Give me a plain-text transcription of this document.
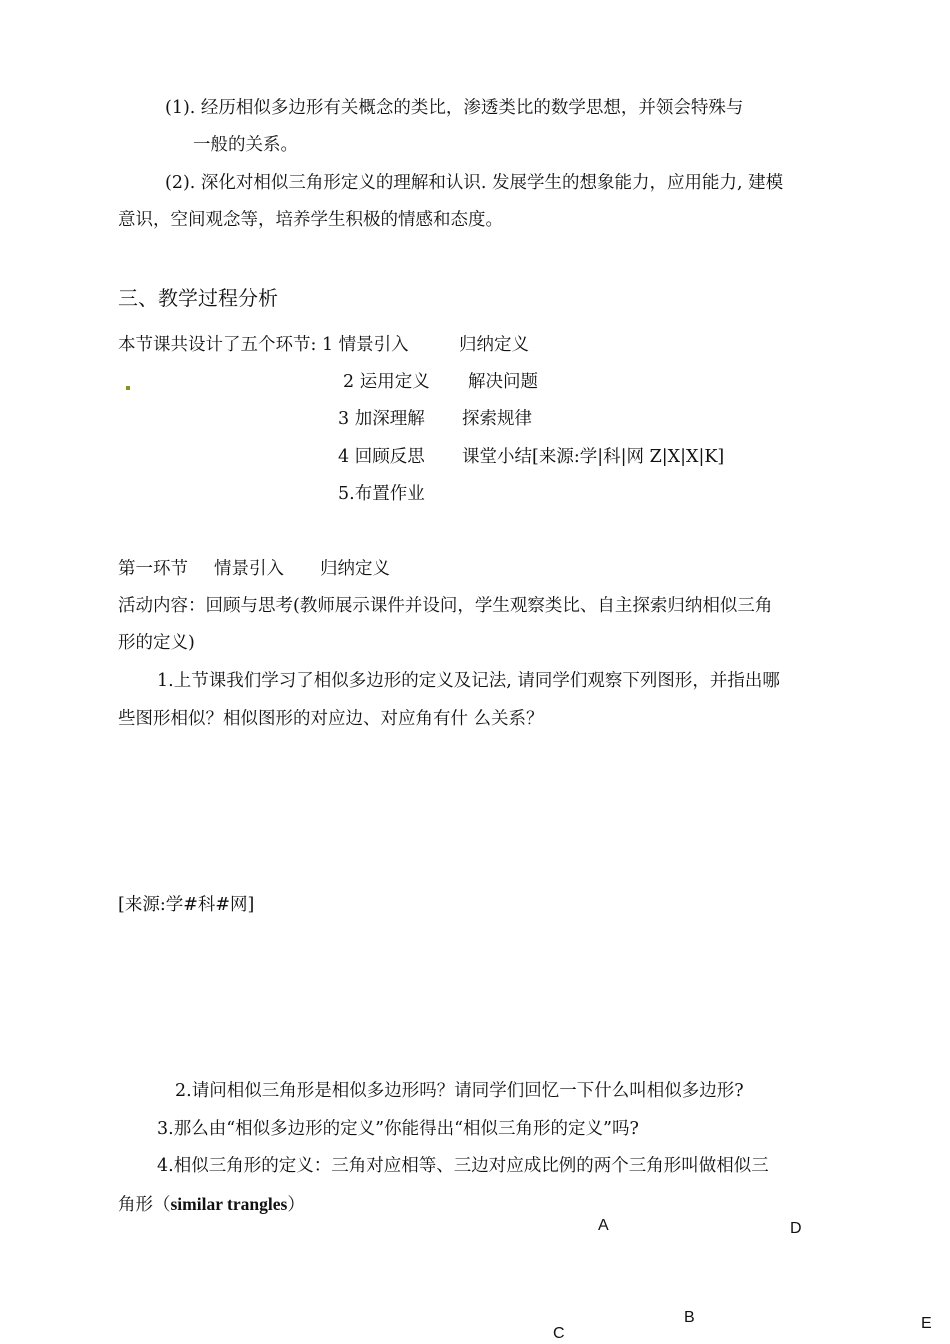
(1). 经历相似多边形有关概念的类比，渗透类比的数学思想，并领会特殊与
一般的关系。
(2). 深化对相似三角形定义的理解和认识. 发展学生的想象能力，应用能力, 建模
意识，空间观念等，培养学生积极的情感和态度。
三、教学过程分析
本节课共设计了五个环节: 1 情景引入	归纳定义
2 运用定义 解决问题
3 加深理解 探索规律
4 回顾反思 课堂小结[来源:学|科|网 Z|X|X|K]
5.布置作业
第一环节 情景引入 归纳定义
活动内容：回顾与思考(教师展示课件并设问，学生观察类比、自主探索归纳相似三角
形的定义)
1.上节课我们学习了相似多边形的定义及记法, 请同学们观察下列图形，并指出哪
些图形相似？相似图形的对应边、对应角有什 么关系？
[来源:学#科#网]
2.请问相似三角形是相似多边形吗？请同学们回忆一下什么叫相似多边形?
3.那么由“相似多边形的定义”你能得出“相似三角形的定义”吗?
4.相似三角形的定义：三角对应相等、三边对应成比例的两个三角形叫做相似三
角形（similar trangles）
A	D
B
C
E
